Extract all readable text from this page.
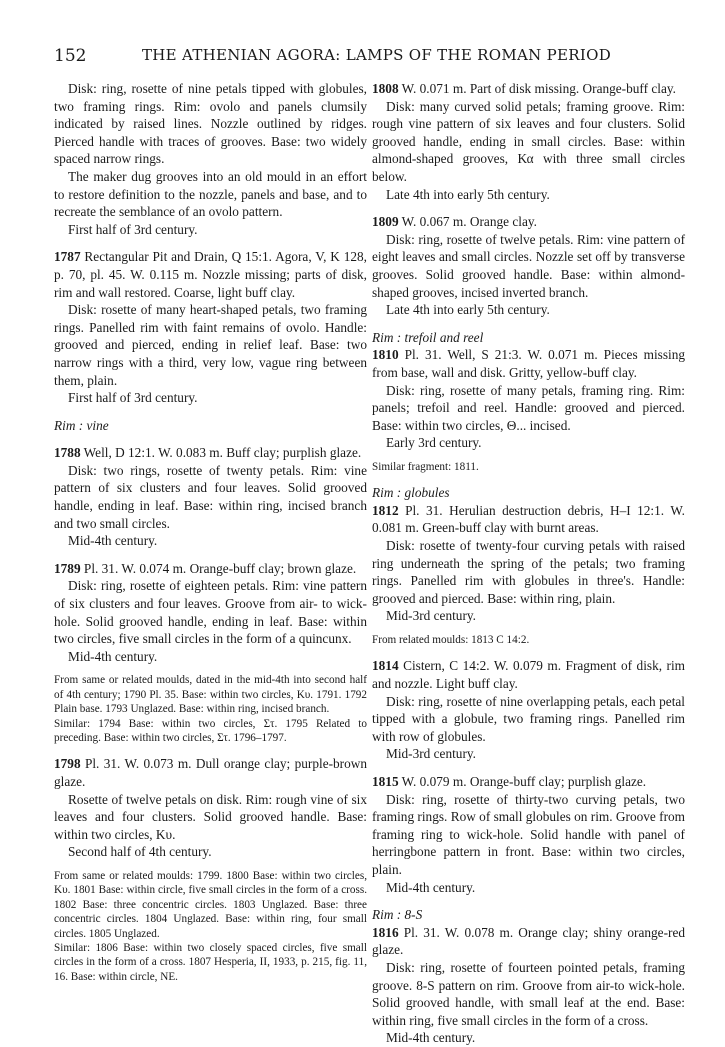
152	THE ATHENIAN AGORA: LAMPS OF THE ROMAN PERIOD

Disk: ring, rosette of nine petals tipped with globules, two framing rings. Rim: ovolo and panels clumsily indicated by raised lines. Nozzle outlined by ridges. Pierced handle with traces of grooves. Base: two widely spaced narrow rings.

The maker dug grooves into an old mould in an effort to restore definition to the nozzle, panels and base, and to recreate the semblance of an ovolo pattern.

First half of 3rd century.

1787 Rectangular Pit and Drain, Q 15:1. Agora, V, K 128, p. 70, pl. 45. W. 0.115 m. Nozzle missing; parts of disk, rim and wall restored. Coarse, light buff clay.

Disk: rosette of many heart-shaped petals, two framing rings. Panelled rim with faint remains of ovolo. Handle: grooved and pierced, ending in relief leaf. Base: two narrow rings with a third, very low, vague ring between them, plain.

First half of 3rd century.

Rim : vine

1788 Well, D 12:1. W. 0.083 m. Buff clay; purplish glaze.

Disk: two rings, rosette of twenty petals. Rim: vine pattern of six clusters and four leaves. Solid grooved handle, ending in leaf. Base: within ring, incised branch and two small circles.

Mid-4th century.

1789 Pl. 31. W. 0.074 m. Orange-buff clay; brown glaze.

Disk: ring, rosette of eighteen petals. Rim: vine pattern of six clusters and four leaves. Groove from air- to wick-hole. Solid grooved handle, ending in leaf. Base: within two circles, five small circles in the form of a quincunx.

Mid-4th century.

From same or related moulds, dated in the mid-4th into second half of 4th century; 1790 Pl. 35. Base: within two circles, Κυ. 1791. 1792 Plain base. 1793 Unglazed. Base: within ring, incised branch.

Similar: 1794 Base: within two circles, Στ. 1795 Related to preceding. Base: within two circles, Στ. 1796–1797.

1798 Pl. 31. W. 0.073 m. Dull orange clay; purple-brown glaze.

Rosette of twelve petals on disk. Rim: rough vine of six leaves and four clusters. Solid grooved handle. Base: within two circles, Κυ.

Second half of 4th century.

From same or related moulds: 1799. 1800 Base: within two circles, Κυ. 1801 Base: within circle, five small circles in the form of a cross. 1802 Base: three concentric circles. 1803 Unglazed. Base: three concentric circles. 1804 Unglazed. Base: within ring, four small circles. 1805 Unglazed.

Similar: 1806 Base: within two closely spaced circles, five small circles in the form of a cross. 1807 Hesperia, II, 1933, p. 215, fig. 11, 16. Base: within circle, NE.

1808 W. 0.071 m. Part of disk missing. Orange-buff clay.

Disk: many curved solid petals; framing groove. Rim: rough vine pattern of six leaves and four clusters. Solid grooved handle, ending in small circles. Base: within almond-shaped grooves, Κα with three small circles below.

Late 4th into early 5th century.

1809 W. 0.067 m. Orange clay.

Disk: ring, rosette of twelve petals. Rim: vine pattern of eight leaves and small circles. Nozzle set off by transverse grooves. Solid grooved handle. Base: within almond-shaped grooves, incised inverted branch.

Late 4th into early 5th century.

Rim : trefoil and reel

1810 Pl. 31. Well, S 21:3. W. 0.071 m. Pieces missing from base, wall and disk. Gritty, yellow-buff clay.

Disk: ring, rosette of many petals, framing ring. Rim: panels; trefoil and reel. Handle: grooved and pierced. Base: within two circles, Θ... incised.

Early 3rd century.

Similar fragment: 1811.

Rim : globules

1812 Pl. 31. Herulian destruction debris, H–I 12:1. W. 0.081 m. Green-buff clay with burnt areas.

Disk: rosette of twenty-four curving petals with raised ring underneath the spring of the petals; two framing rings. Panelled rim with globules in three's. Handle: grooved and pierced. Base: within ring, plain.

Mid-3rd century.

From related moulds: 1813 C 14:2.

1814 Cistern, C 14:2. W. 0.079 m. Fragment of disk, rim and nozzle. Light buff clay.

Disk: ring, rosette of nine overlapping petals, each petal tipped with a globule, two framing rings. Panelled rim with row of globules.

Mid-3rd century.

1815 W. 0.079 m. Orange-buff clay; purplish glaze.

Disk: ring, rosette of thirty-two curving petals, two framing rings. Row of small globules on rim. Groove from framing ring to wick-hole. Solid handle with panel of herringbone pattern in front. Base: within two circles, plain.

Mid-4th century.

Rim : 8-S

1816 Pl. 31. W. 0.078 m. Orange clay; shiny orange-red glaze.

Disk: ring, rosette of fourteen pointed petals, framing groove. 8-S pattern on rim. Groove from air-to wick-hole. Solid grooved handle, with small leaf at the end. Base: within ring, five small circles in the form of a cross.

Mid-4th century.
